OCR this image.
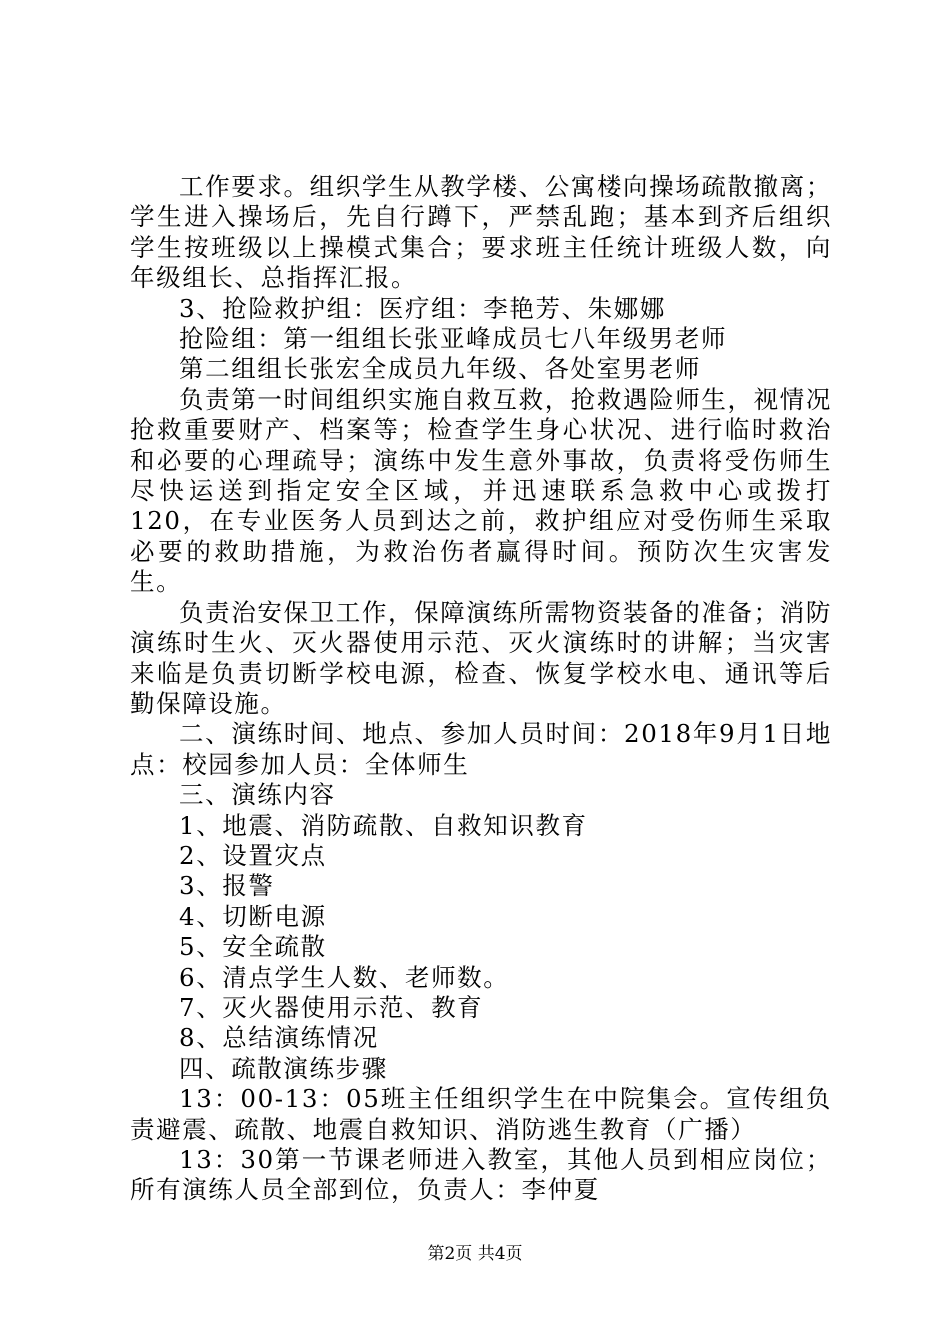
工作要求。组织学生从教学楼、公寓楼向操场疏散撤离；学生进入操场后，先自行蹲下，严禁乱跑；基本到齐后组织学生按班级以上操模式集合；要求班主任统计班级人数，向年级组长、总指挥汇报。

3、抢险救护组：医疗组：李艳芳、朱娜娜

抢险组：第一组组长张亚峰成员七八年级男老师

第二组组长张宏全成员九年级、各处室男老师

负责第一时间组织实施自救互救，抢救遇险师生，视情况抢救重要财产、档案等；检查学生身心状况、进行临时救治和必要的心理疏导；演练中发生意外事故，负责将受伤师生尽快运送到指定安全区域，并迅速联系急救中心或拨打120，在专业医务人员到达之前，救护组应对受伤师生采取必要的救助措施，为救治伤者赢得时间。预防次生灾害发生。

负责治安保卫工作，保障演练所需物资装备的准备；消防演练时生火、灭火器使用示范、灭火演练时的讲解；当灾害来临是负责切断学校电源，检查、恢复学校水电、通讯等后勤保障设施。

二、演练时间、地点、参加人员时间：2018年9月1日地点：校园参加人员：全体师生

三、演练内容

1、地震、消防疏散、自救知识教育

2、设置灾点

3、报警

4、切断电源

5、安全疏散

6、清点学生人数、老师数。

7、灭火器使用示范、教育

8、总结演练情况

四、疏散演练步骤

13：00-13：05班主任组织学生在中院集会。宣传组负责避震、疏散、地震自救知识、消防逃生教育（广播）

13：30第一节课老师进入教室，其他人员到相应岗位；所有演练人员全部到位，负责人：李仲夏

第2页 共4页
